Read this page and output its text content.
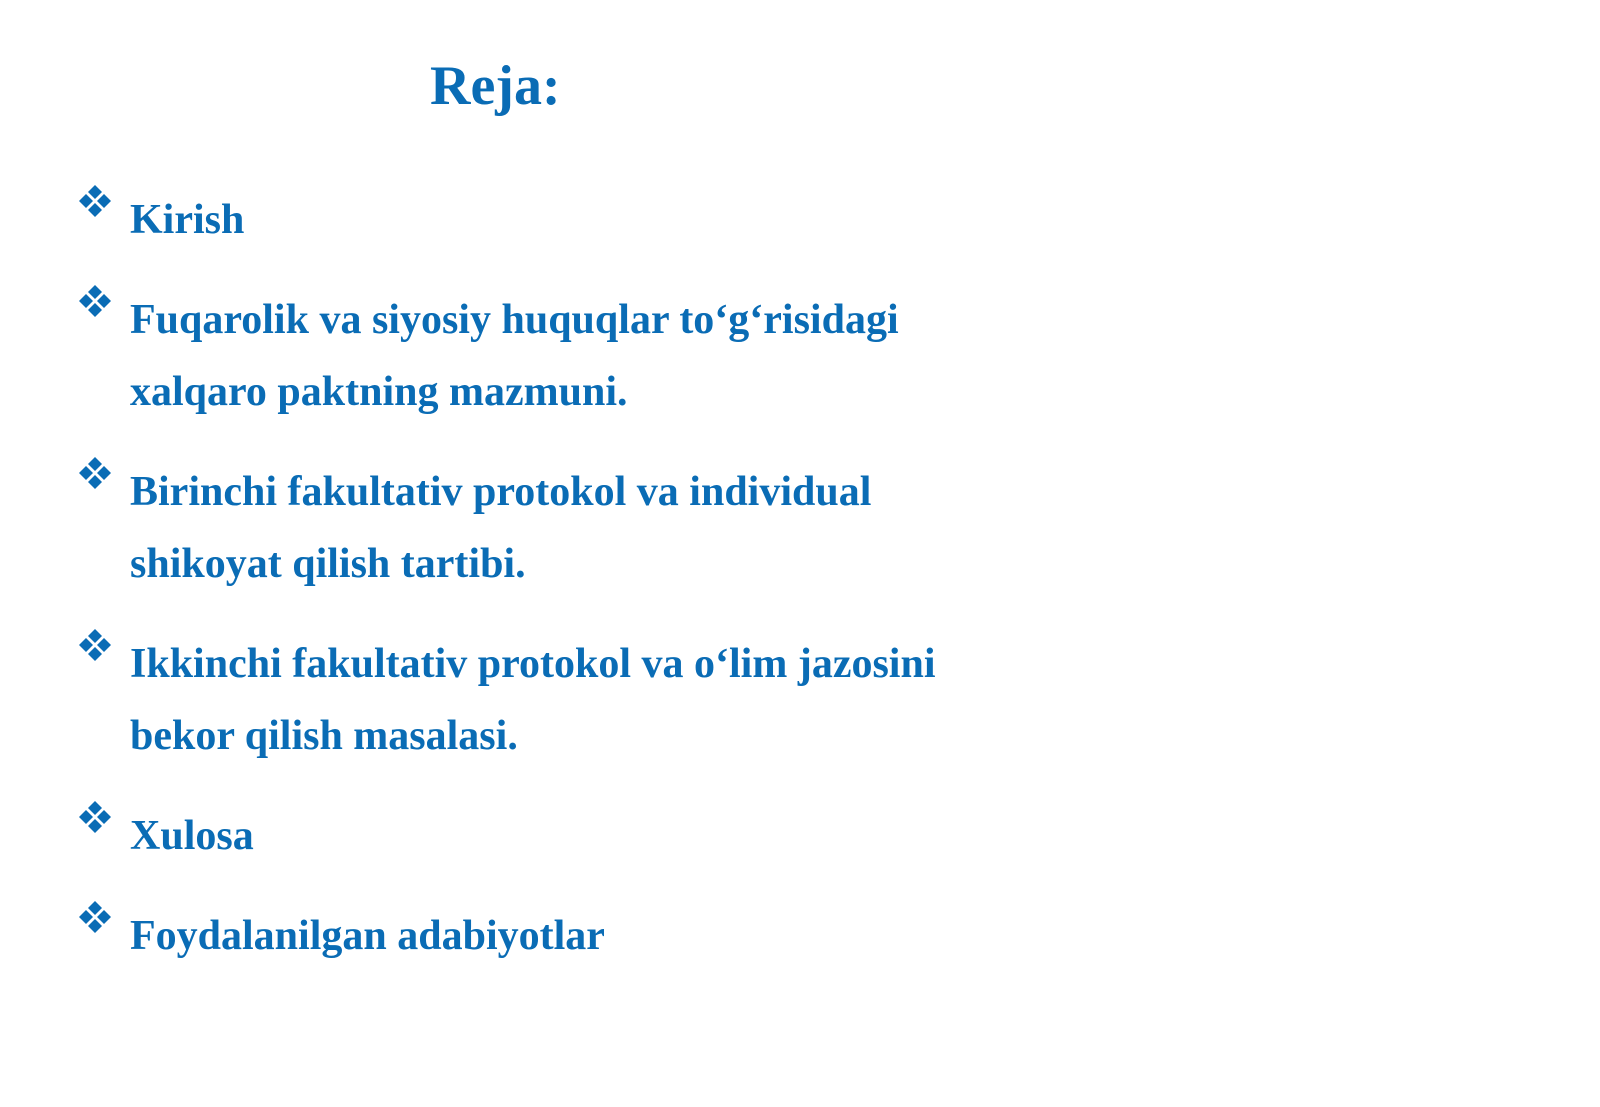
Reja:
Kirish
Fuqarolik va siyosiy huquqlar to‘g‘risidagi
xalqaro paktning mazmuni.
Birinchi fakultativ protokol va individual
shikoyat qilish tartibi.
Ikkinchi fakultativ protokol va o‘lim jazosini
bekor qilish masalasi.
Xulosa
Foydalanilgan adabiyotlar
